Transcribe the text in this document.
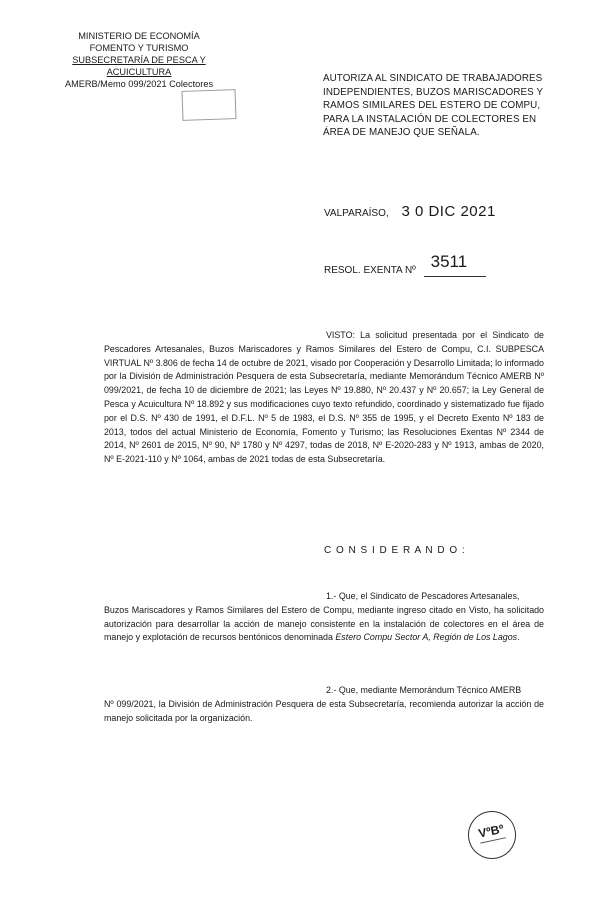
MINISTERIO DE ECONOMÍA
FOMENTO Y TURISMO
SUBSECRETARÍA DE PESCA Y ACUICULTURA
AMERB/Memo 099/2021 Colectores	AUTORIZA AL SINDICATO DE TRABAJADORES INDEPENDIENTES, BUZOS MARISCADORES Y RAMOS SIMILARES DEL ESTERO DE COMPU, PARA LA INSTALACIÓN DE COLECTORES EN ÁREA DE MANEJO QUE SEÑALA.
VALPARAÍSO, 3 0 DIC 2021
RESOL. EXENTA Nº 3511

VISTO: La solicitud presentada por el Sindicato de Pescadores Artesanales, Buzos Mariscadores y Ramos Similares del Estero de Compu, C.I. SUBPESCA VIRTUAL Nº 3.806 de fecha 14 de octubre de 2021, visado por Cooperación y Desarrollo Limitada; lo informado por la División de Administración Pesquera de esta Subsecretaría, mediante Memorándum Técnico AMERB Nº 099/2021, de fecha 10 de diciembre de 2021; las Leyes Nº 19.880, Nº 20.437 y Nº 20.657; la Ley General de Pesca y Acuicultura Nº 18.892 y sus modificaciones cuyo texto refundido, coordinado y sistematizado fue fijado por el D.S. Nº 430 de 1991, el D.F.L. Nº 5 de 1983, el D.S. Nº 355 de 1995, y el Decreto Exento Nº 183 de 2013, todos del actual Ministerio de Economía, Fomento y Turismo; las Resoluciones Exentas Nº 2344 de 2014, Nº 2601 de 2015, Nº 90, Nº 1780 y Nº 4297, todas de 2018, Nº E-2020-283 y Nº 1913, ambas de 2020, Nº E-2021-110 y Nº 1064, ambas de 2021 todas de esta Subsecretaría.

C O N S I D E R A N D O :

1.- Que, el Sindicato de Pescadores Artesanales,

Buzos Mariscadores y Ramos Similares del Estero de Compu, mediante ingreso citado en Visto, ha solicitado autorización para desarrollar la acción de manejo consistente en la instalación de colectores en el área de manejo y explotación de recursos bentónicos denominada Estero Compu Sector A, Región de Los Lagos.

2.- Que, mediante Memorándum Técnico AMERB

Nº 099/2021, la División de Administración Pesquera de esta Subsecretaría, recomienda autorizar la acción de manejo solicitada por la organización.

VºBº
